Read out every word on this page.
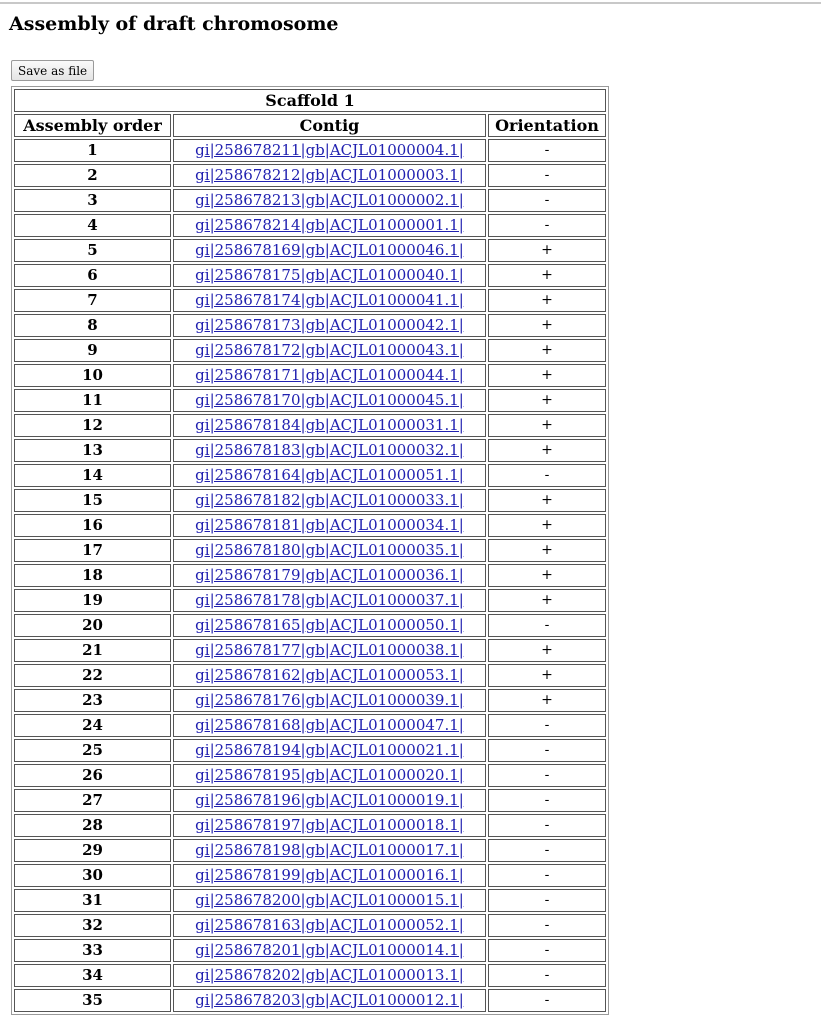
Assembly of draft chromosome
Save as file
Scaffold 1		
Assembly order	Contig	Orientation
1	gi|258678211|gb|ACJL01000004.1|	-
2	gi|258678212|gb|ACJL01000003.1|	-
3	gi|258678213|gb|ACJL01000002.1|	-
4	gi|258678214|gb|ACJL01000001.1|	-
5	gi|258678169|gb|ACJL01000046.1|	+
6	gi|258678175|gb|ACJL01000040.1|	+
7	gi|258678174|gb|ACJL01000041.1|	+
8	gi|258678173|gb|ACJL01000042.1|	+
9	gi|258678172|gb|ACJL01000043.1|	+
10	gi|258678171|gb|ACJL01000044.1|	+
11	gi|258678170|gb|ACJL01000045.1|	+
12	gi|258678184|gb|ACJL01000031.1|	+
13	gi|258678183|gb|ACJL01000032.1|	+
14	gi|258678164|gb|ACJL01000051.1|	-
15	gi|258678182|gb|ACJL01000033.1|	+
16	gi|258678181|gb|ACJL01000034.1|	+
17	gi|258678180|gb|ACJL01000035.1|	+
18	gi|258678179|gb|ACJL01000036.1|	+
19	gi|258678178|gb|ACJL01000037.1|	+
20	gi|258678165|gb|ACJL01000050.1|	-
21	gi|258678177|gb|ACJL01000038.1|	+
22	gi|258678162|gb|ACJL01000053.1|	+
23	gi|258678176|gb|ACJL01000039.1|	+
24	gi|258678168|gb|ACJL01000047.1|	-
25	gi|258678194|gb|ACJL01000021.1|	-
26	gi|258678195|gb|ACJL01000020.1|	-
27	gi|258678196|gb|ACJL01000019.1|	-
28	gi|258678197|gb|ACJL01000018.1|	-
29	gi|258678198|gb|ACJL01000017.1|	-
30	gi|258678199|gb|ACJL01000016.1|	-
31	gi|258678200|gb|ACJL01000015.1|	-
32	gi|258678163|gb|ACJL01000052.1|	-
33	gi|258678201|gb|ACJL01000014.1|	-
34	gi|258678202|gb|ACJL01000013.1|	-
35	gi|258678203|gb|ACJL01000012.1|	-
